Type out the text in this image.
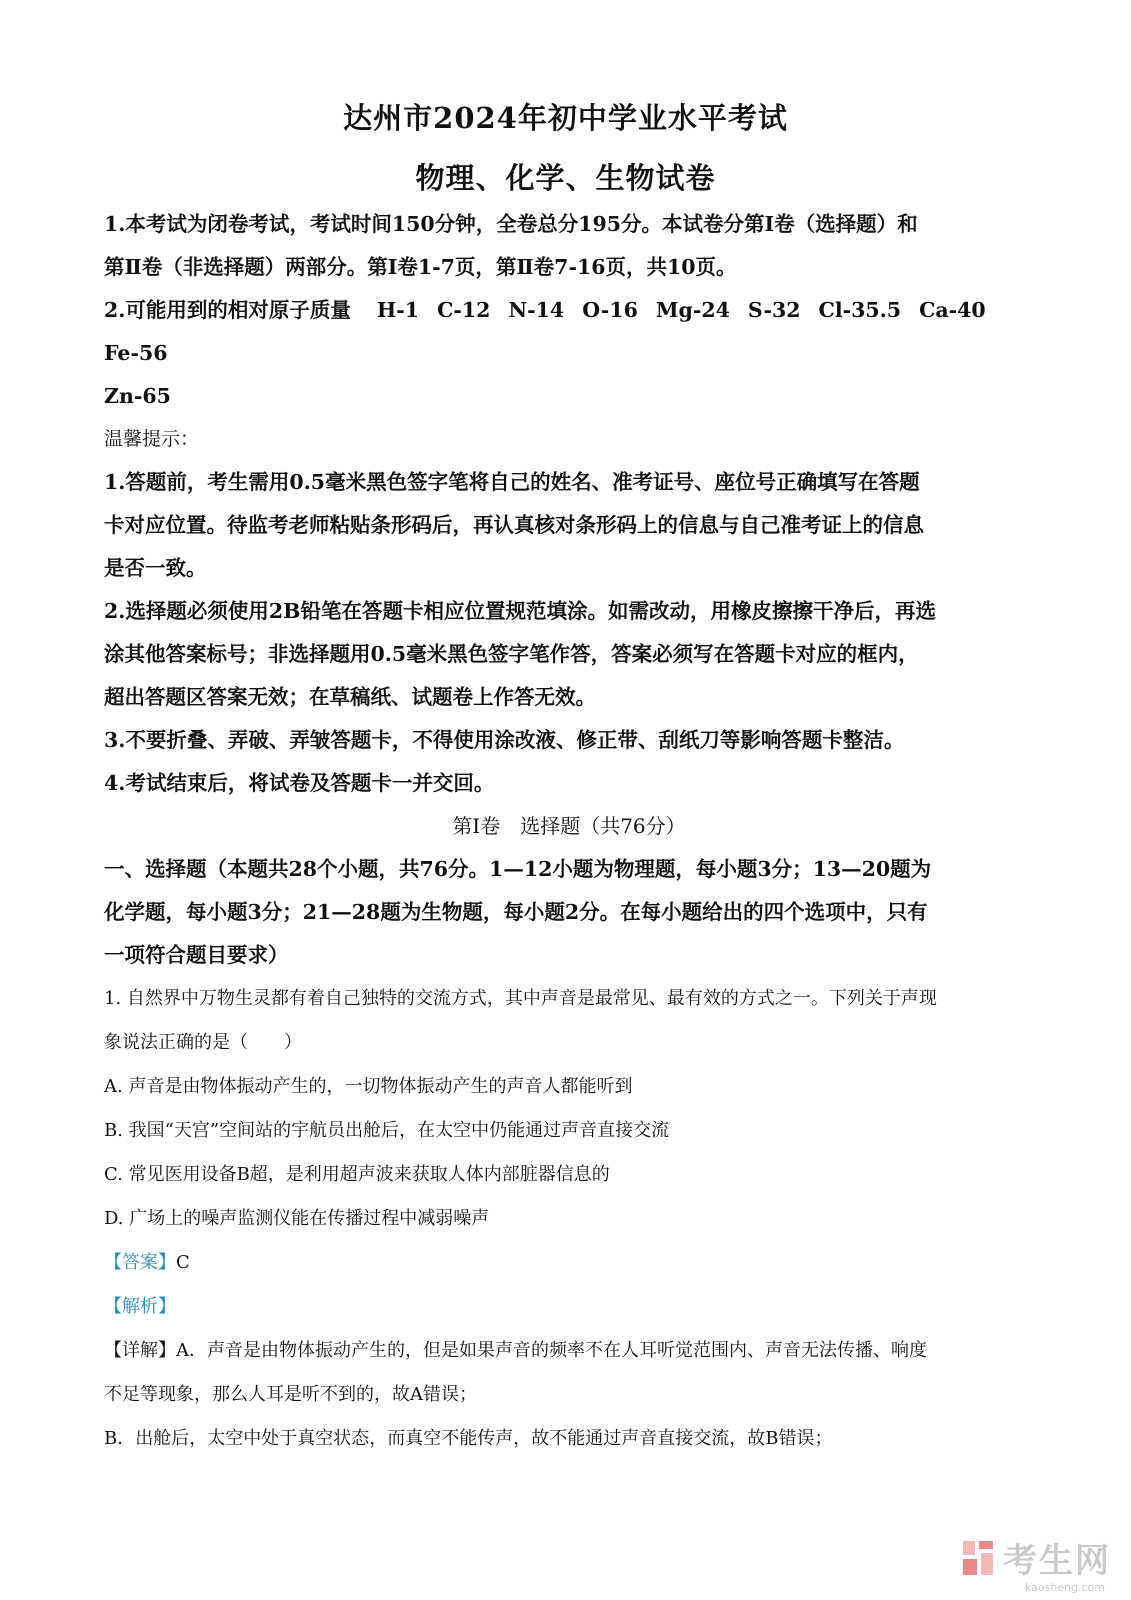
达州市2024年初中学业水平考试
物理、化学、生物试卷

1.本考试为闭卷考试，考试时间150分钟，全卷总分195分。本试卷分第Ⅰ卷（选择题）和

第Ⅱ卷（非选择题）两部分。第Ⅰ卷1-7页，第Ⅱ卷7-16页，共10页。

2.可能用到的相对原子质量 H-1 C-12 N-14 O-16 Mg-24 S-32 Cl-35.5 Ca-40Fe-56

Zn-65

温馨提示：

1.答题前，考生需用0.5毫米黑色签字笔将自己的姓名、准考证号、座位号正确填写在答题

卡对应位置。待监考老师粘贴条形码后，再认真核对条形码上的信息与自己准考证上的信息

是否一致。

2.选择题必须使用2B铅笔在答题卡相应位置规范填涂。如需改动，用橡皮擦擦干净后，再选

涂其他答案标号；非选择题用0.5毫米黑色签字笔作答，答案必须写在答题卡对应的框内，

超出答题区答案无效；在草稿纸、试题卷上作答无效。

3.不要折叠、弄破、弄皱答题卡，不得使用涂改液、修正带、刮纸刀等影响答题卡整洁。

4.考试结束后，将试卷及答题卡一并交回。

第Ⅰ卷　选择题（共76分）

一、选择题（本题共28个小题，共76分。1—12小题为物理题，每小题3分；13—20题为

化学题，每小题3分；21—28题为生物题，每小题2分。在每小题给出的四个选项中，只有

一项符合题目要求）

1. 自然界中万物生灵都有着自己独特的交流方式，其中声音是最常见、最有效的方式之一。下列关于声现

象说法正确的是（　　）

A. 声音是由物体振动产生的，一切物体振动产生的声音人都能听到

B. 我国“天宫”空间站的宇航员出舱后，在太空中仍能通过声音直接交流

C. 常见医用设备B超，是利用超声波来获取人体内部脏器信息的

D. 广场上的噪声监测仪能在传播过程中减弱噪声

【答案】C

【解析】

【详解】A．声音是由物体振动产生的，但是如果声音的频率不在人耳听觉范围内、声音无法传播、响度

不足等现象，那么人耳是听不到的，故A错误；

B．出舱后，太空中处于真空状态，而真空不能传声，故不能通过声音直接交流，故B错误；

考生网
kaosheng.com
